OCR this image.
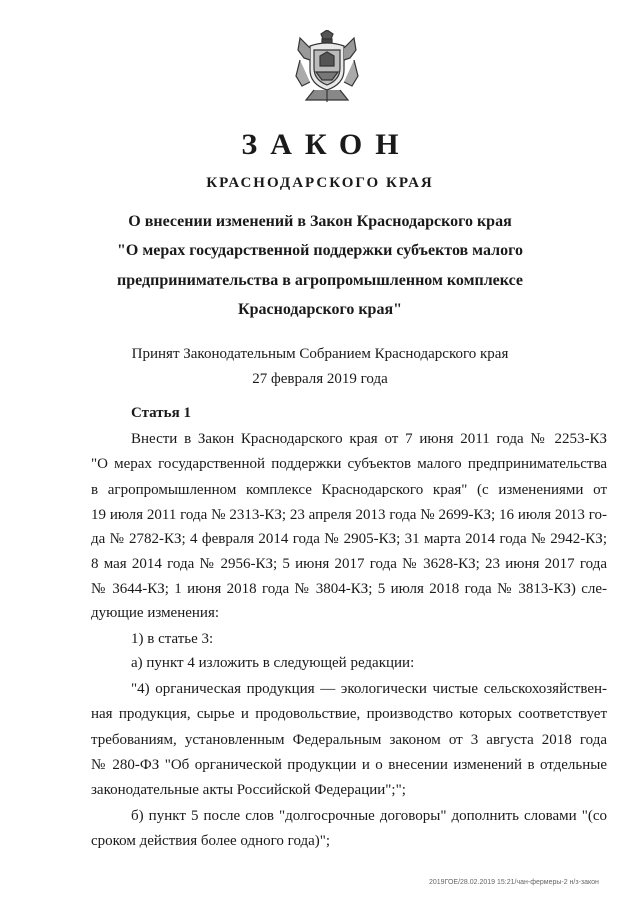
ЗАКОН
КРАСНОДАРСКОГО КРАЯ
О внесении изменений в Закон Краснодарского края
"О мерах государственной поддержки субъектов малого
предпринимательства в агропромышленном комплексе
Краснодарского края"
Принят Законодательным Собранием Краснодарского края
27 февраля 2019 года
Статья 1
Внести в Закон Краснодарского края от 7 июня 2011 года № 2253-КЗ
"О мерах государственной поддержки субъектов малого предпринимательства
в агропромышленном комплексе Краснодарского края" (с изменениями от
19 июля 2011 года № 2313-КЗ; 23 апреля 2013 года № 2699-КЗ; 16 июля 2013 го-
да № 2782-КЗ; 4 февраля 2014 года № 2905-КЗ; 31 марта 2014 года № 2942-КЗ;
8 мая 2014 года № 2956-КЗ; 5 июня 2017 года № 3628-КЗ; 23 июня 2017 года
№ 3644-КЗ; 1 июня 2018 года № 3804-КЗ; 5 июля 2018 года № 3813-КЗ) сле-
дующие изменения:
1) в статье 3:
а) пункт 4 изложить в следующей редакции:
"4) органическая продукция — экологически чистые сельскохозяйствен-
ная продукция, сырье и продовольствие, производство которых соответствует
требованиям, установленным Федеральным законом от 3 августа 2018 года
№ 280-ФЗ "Об органической продукции и о внесении изменений в отдельные
законодательные акты Российской Федерации";";
б) пункт 5 после слов "долгосрочные договоры" дополнить словами "(со
сроком действия более одного года)";
2019ГОЕ/28.02.2019 15:21/чан-фермеры-2 н/з-закон
